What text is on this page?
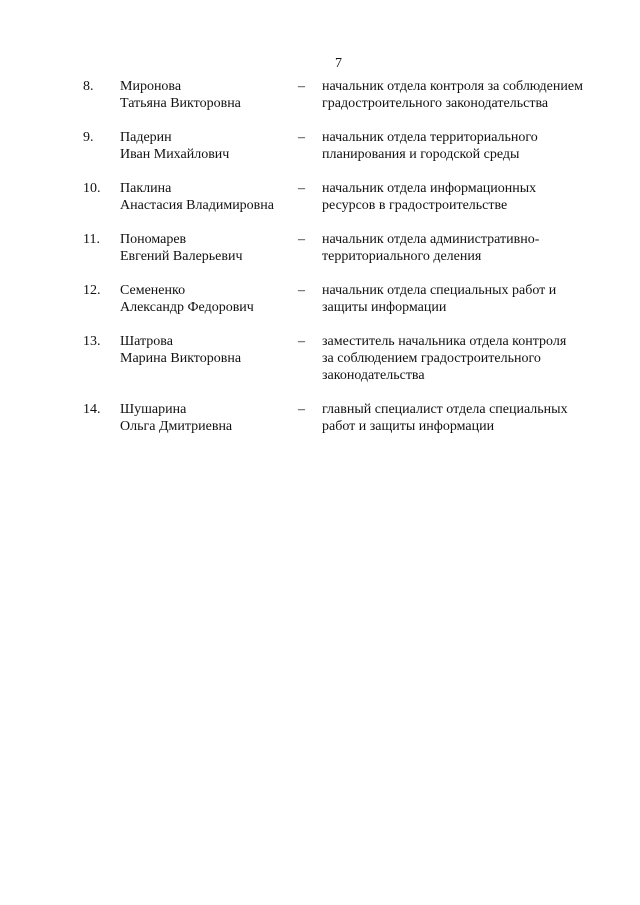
7
8. Миронова
Татьяна Викторовна
– начальник отдела контроля за соблюдением
градостроительного законодательства
9. Падерин
Иван Михайлович
– начальник отдела территориального
планирования и городской среды
10. Паклина
Анастасия Владимировна
– начальник отдела информационных
ресурсов в градостроительстве
11. Пономарев
Евгений Валерьевич
– начальник отдела административно-
территориального деления
12. Семененко
Александр Федорович
– начальник отдела специальных работ и
защиты информации
13. Шатрова
Марина Викторовна
– заместитель начальника отдела контроля
за соблюдением градостроительного
законодательства
14. Шушарина
Ольга Дмитриевна
– главный специалист отдела специальных
работ и защиты информации
